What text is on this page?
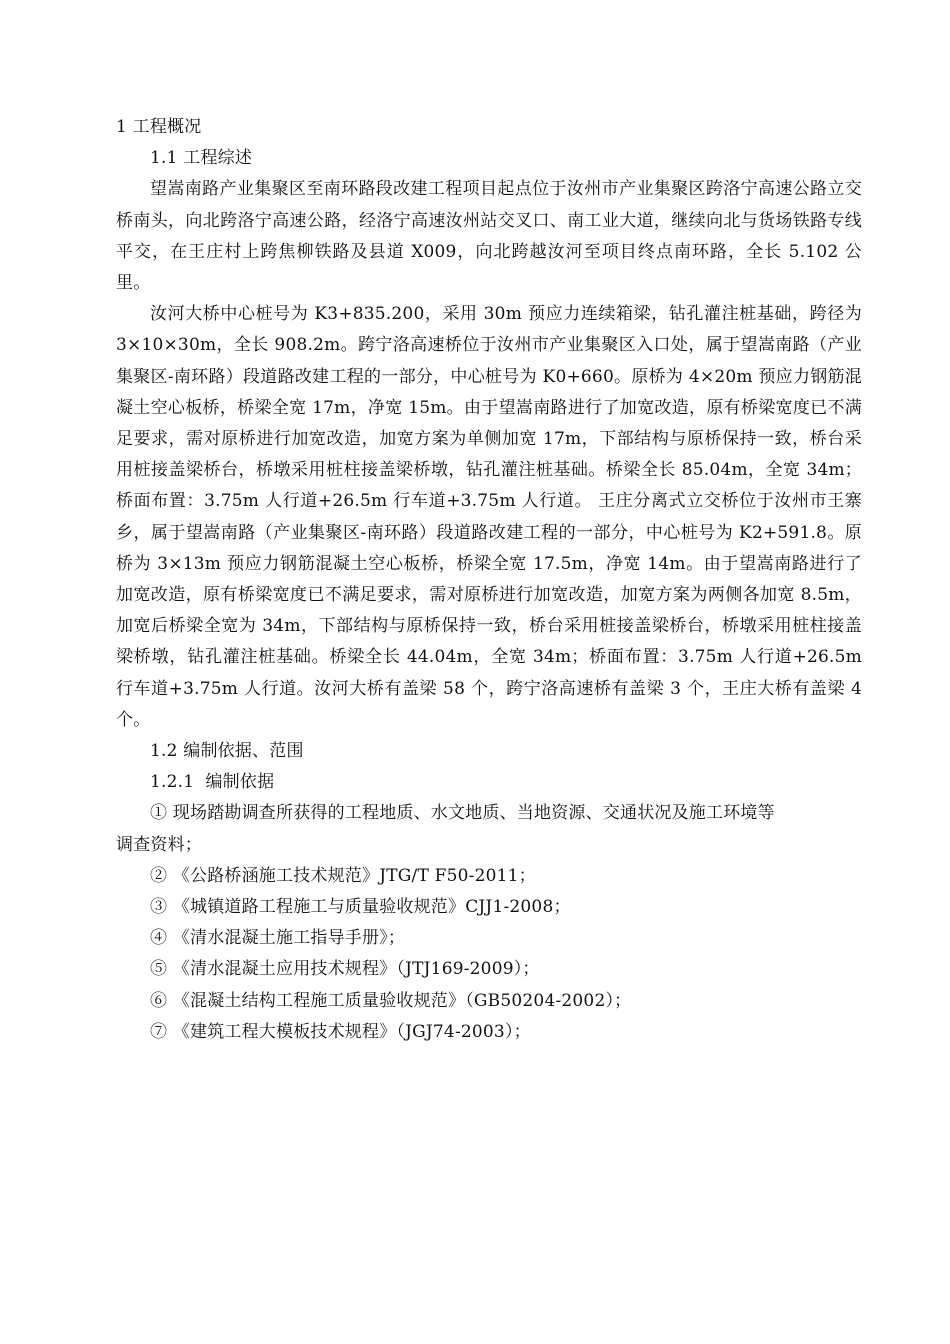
1 工程概况
1.1 工程综述

望嵩南路产业集聚区至南环路段改建工程项目起点位于汝州市产业集聚区跨洛宁高速公路立交桥南头，向北跨洛宁高速公路，经洛宁高速汝州站交叉口、南工业大道，继续向北与货场铁路专线平交，在王庄村上跨焦柳铁路及县道 X009，向北跨越汝河至项目终点南环路，全长 5.102 公里。

汝河大桥中心桩号为 K3+835.200，采用 30m 预应力连续箱梁，钻孔灌注桩基础，跨径为 3×10×30m，全长 908.2m。跨宁洛高速桥位于汝州市产业集聚区入口处，属于望嵩南路（产业集聚区-南环路）段道路改建工程的一部分，中心桩号为 K0+660。原桥为 4×20m 预应力钢筋混凝土空心板桥，桥梁全宽 17m，净宽 15m。由于望嵩南路进行了加宽改造，原有桥梁宽度已不满足要求，需对原桥进行加宽改造，加宽方案为单侧加宽 17m，下部结构与原桥保持一致，桥台采用桩接盖梁桥台，桥墩采用桩柱接盖梁桥墩，钻孔灌注桩基础。桥梁全长 85.04m，全宽 34m；桥面布置：3.75m 人行道+26.5m 行车道+3.75m 人行道。 王庄分离式立交桥位于汝州市王寨乡，属于望嵩南路（产业集聚区-南环路）段道路改建工程的一部分，中心桩号为 K2+591.8。原桥为 3×13m 预应力钢筋混凝土空心板桥，桥梁全宽 17.5m，净宽 14m。由于望嵩南路进行了加宽改造，原有桥梁宽度已不满足要求，需对原桥进行加宽改造，加宽方案为两侧各加宽 8.5m，加宽后桥梁全宽为 34m，下部结构与原桥保持一致，桥台采用桩接盖梁桥台，桥墩采用桩柱接盖梁桥墩，钻孔灌注桩基础。桥梁全长 44.04m，全宽 34m；桥面布置：3.75m 人行道+26.5m 行车道+3.75m 人行道。汝河大桥有盖梁 58 个，跨宁洛高速桥有盖梁 3 个，王庄大桥有盖梁 4 个。

1.2 编制依据、范围
1.2.1  编制依据
① 现场踏勘调查所获得的工程地质、水文地质、当地资源、交通状况及施工环境等
调查资料；
② 《公路桥涵施工技术规范》JTG/T F50-2011；
③ 《城镇道路工程施工与质量验收规范》CJJ1-2008；
④ 《清水混凝土施工指导手册》；
⑤ 《清水混凝土应用技术规程》（JTJ169-2009）；
⑥ 《混凝土结构工程施工质量验收规范》（GB50204-2002）；
⑦ 《建筑工程大模板技术规程》（JGJ74-2003）；
